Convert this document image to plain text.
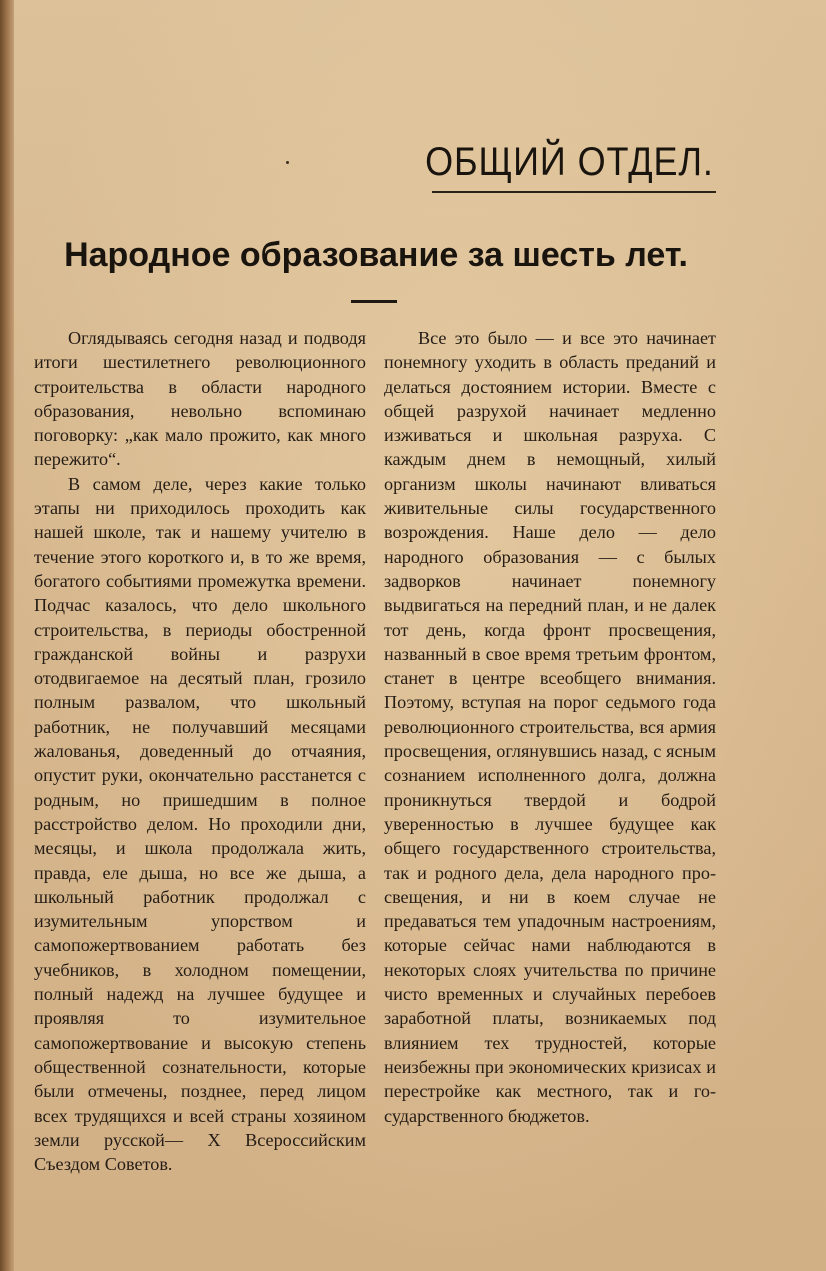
ОБЩИЙ ОТДЕЛ.
Народное образование за шесть лет.

Оглядываясь сегодня назад и подводя итоги шестилетнего революционного строительства в области народного образования, невольно вспоминаю поговорку: „как мало прожито, как много пережито“.

В самом деле, через какие только этапы ни приходилось проходить как нашей школе, так и нашему учителю в течение этого короткого и, в то же время, богатого событиями промежутка времени. Подчас казалось, что дело школьного строительства, в периоды обостренной гражданской войны и разрухи отодвигаемое на десятый план, грозило полным развалом, что школьный работник, не получавший месяцами жалованья, доведенный до отчаяния, опустит руки, окончательно расстанется с родным, но пришедшим в полное расстройство делом. Но проходили дни, месяцы, и школа продолжала жить, правда, еле дыша, но все же дыша, а школьный работник продолжал с изумительным упорством и самопожертвованием работать без учебников, в холодном помещении, полный надежд на лучшее будущее и проявляя то изумительное самопожертвование и высокую степень общественной сознательности, которые были отмечены, позднее, перед лицом всех трудящихся и всей страны хозяином земли русской— X Всероссийским Съездом Советов.

Все это было — и все это начинает понемногу уходить в область преданий и делаться достоянием истории. Вместе с общей разрухой начинает медленно изживаться и школьная разруха. С каждым днем в немощный, хилый организм школы начинают вливаться живительные силы государственного возрождения. Наше дело — дело народного образования — с былых задворков начинает понемногу выдвигаться на передний план, и не далек тот день, когда фронт просвещения, названный в свое время третьим фронтом, станет в центре всеобщего внимания. Поэтому, вступая на порог седьмого года революционного строительства, вся армия просвещения, оглянувшись назад, с ясным сознанием исполненного долга, должна проникнуться твердой и бодрой уверенностью в лучшее будущее как общего государственного строительства, так и родного дела, дела народного просвещения, и ни в коем случае не предаваться тем упадочным настроениям, которые сейчас нами наблюдаются в некоторых слоях учительства по причине чисто временных и случайных перебоев заработной платы, возникаемых под влиянием тех трудностей, которые неизбежны при экономических кризисах и перестройке как местного, так и государственного бюджетов.
